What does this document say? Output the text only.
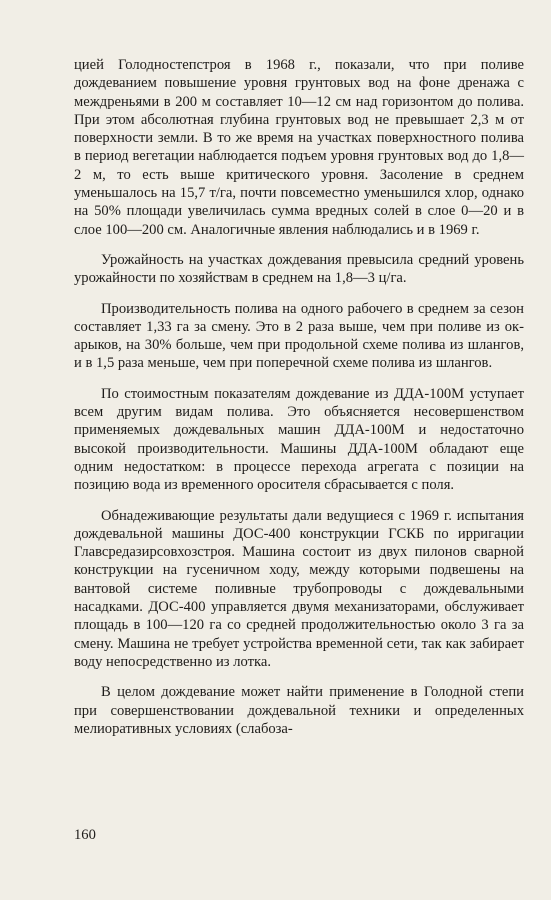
цией Голодностепстроя в 1968 г., показали, что при поливе дождеванием повышение уровня грунтовых вод на фоне дренажа с междреньями в 200 м составляет 10—12 см над горизонтом до полива. При этом абсолютная глубина грунтовых вод не превышает 2,3 м от поверхности земли. В то же время на участках поверхностного полива в период вегетации наблюдается подъем уровня грунтовых вод до 1,8—2 м, то есть выше критического уровня. Засоление в среднем уменьшалось на 15,7 т/га, почти повсеместно уменьшился хлор, однако на 50% площади увеличилась сумма вредных солей в слое 0—20 и в слое 100—200 см. Аналогичные явления наблюдались и в 1969 г.

Урожайность на участках дождевания превысила средний уровень урожайности по хозяйствам в среднем на 1,8—3 ц/га.

Производительность полива на одного рабочего в среднем за сезон составляет 1,33 га за смену. Это в 2 раза выше, чем при поливе из ок-арыков, на 30% больше, чем при продольной схеме полива из шлангов, и в 1,5 раза меньше, чем при поперечной схеме полива из шлангов.

По стоимостным показателям дождевание из ДДА-100М уступает всем другим видам полива. Это объясняется несовершенством применяемых дождевальных машин ДДА-100М и недостаточно высокой производительности. Машины ДДА-100М обладают еще одним недостатком: в процессе перехода агрегата с позиции на позицию вода из временного оросителя сбрасывается с поля.

Обнадеживающие результаты дали ведущиеся с 1969 г. испытания дождевальной машины ДОС-400 конструкции ГСКБ по ирригации Главсредазирсовхозстроя. Машина состоит из двух пилонов сварной конструкции на гусеничном ходу, между которыми подвешены на вантовой системе поливные трубопроводы с дождевальными насадками. ДОС-400 управляется двумя механизаторами, обслуживает площадь в 100—120 га со средней продолжительностью около 3 га за смену. Машина не требует устройства временной сети, так как забирает воду непосредственно из лотка.

В целом дождевание может найти применение в Голодной степи при совершенствовании дождевальной техники и определенных мелиоративных условиях (слабоза-

160
